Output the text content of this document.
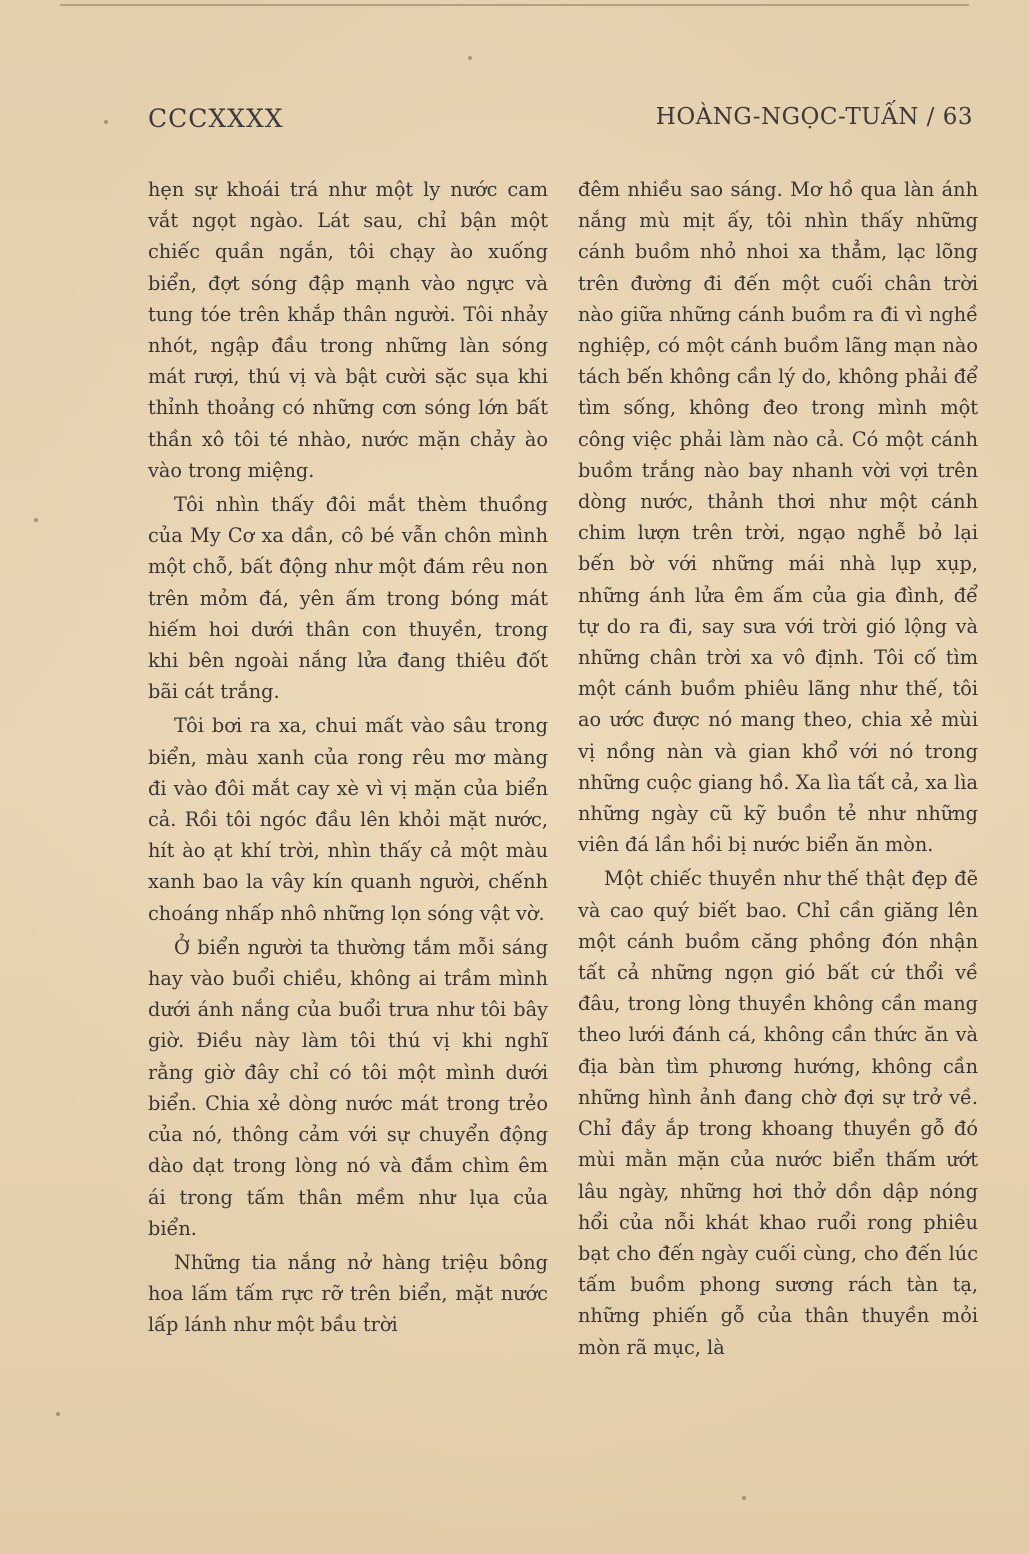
CCCXXXX	HOÀNG-NGỌC-TUẤN / 63

hẹn sự khoái trá như một ly nước cam vắt ngọt ngào. Lát sau, chỉ bận một chiếc quần ngắn, tôi chạy ào xuống biển, đợt sóng đập mạnh vào ngực và tung tóe trên khắp thân người. Tôi nhảy nhót, ngập đầu trong những làn sóng mát rượi, thú vị và bật cười sặc sụa khi thỉnh thoảng có những cơn sóng lớn bất thần xô tôi té nhào, nước mặn chảy ào vào trong miệng.

Tôi nhìn thấy đôi mắt thèm thuồng của My Cơ xa dần, cô bé vẫn chôn mình một chỗ, bất động như một đám rêu non trên mỏm đá, yên ấm trong bóng mát hiếm hoi dưới thân con thuyền, trong khi bên ngoài nắng lửa đang thiêu đốt bãi cát trắng.

Tôi bơi ra xa, chui mất vào sâu trong biển, màu xanh của rong rêu mơ màng đi vào đôi mắt cay xè vì vị mặn của biển cả. Rồi tôi ngóc đầu lên khỏi mặt nước, hít ào ạt khí trời, nhìn thấy cả một màu xanh bao la vây kín quanh người, chếnh choáng nhấp nhô những lọn sóng vật vờ.

Ở biển người ta thường tắm mỗi sáng hay vào buổi chiều, không ai trầm mình dưới ánh nắng của buổi trưa như tôi bây giờ. Điều này làm tôi thú vị khi nghĩ rằng giờ đây chỉ có tôi một mình dưới biển. Chia xẻ dòng nước mát trong trẻo của nó, thông cảm với sự chuyển động dào dạt trong lòng nó và đắm chìm êm ái trong tấm thân mềm như lụa của biển.

Những tia nắng nở hàng triệu bông hoa lấm tấm rực rỡ trên biển, mặt nước lấp lánh như một bầu trời

đêm nhiều sao sáng. Mơ hồ qua làn ánh nắng mù mịt ấy, tôi nhìn thấy những cánh buồm nhỏ nhoi xa thẳm, lạc lõng trên đường đi đến một cuối chân trời nào giữa những cánh buồm ra đi vì nghề nghiệp, có một cánh buồm lãng mạn nào tách bến không cần lý do, không phải để tìm sống, không đeo trong mình một công việc phải làm nào cả. Có một cánh buồm trắng nào bay nhanh vời vợi trên dòng nước, thảnh thơi như một cánh chim lượn trên trời, ngạo nghễ bỏ lại bến bờ với những mái nhà lụp xụp, những ánh lửa êm ấm của gia đình, để tự do ra đi, say sưa với trời gió lộng và những chân trời xa vô định. Tôi cố tìm một cánh buồm phiêu lãng như thế, tôi ao ước được nó mang theo, chia xẻ mùi vị nồng nàn và gian khổ với nó trong những cuộc giang hồ. Xa lìa tất cả, xa lìa những ngày cũ kỹ buồn tẻ như những viên đá lần hồi bị nước biển ăn mòn.

Một chiếc thuyền như thế thật đẹp đẽ và cao quý biết bao. Chỉ cần giăng lên một cánh buồm căng phồng đón nhận tất cả những ngọn gió bất cứ thổi về đâu, trong lòng thuyền không cần mang theo lưới đánh cá, không cần thức ăn và địa bàn tìm phương hướng, không cần những hình ảnh đang chờ đợi sự trở về. Chỉ đầy ắp trong khoang thuyền gỗ đó mùi mằn mặn của nước biển thấm ướt lâu ngày, những hơi thở dồn dập nóng hổi của nỗi khát khao ruổi rong phiêu bạt cho đến ngày cuối cùng, cho đến lúc tấm buồm phong sương rách tàn tạ, những phiến gỗ của thân thuyền mỏi mòn rã mục, là
